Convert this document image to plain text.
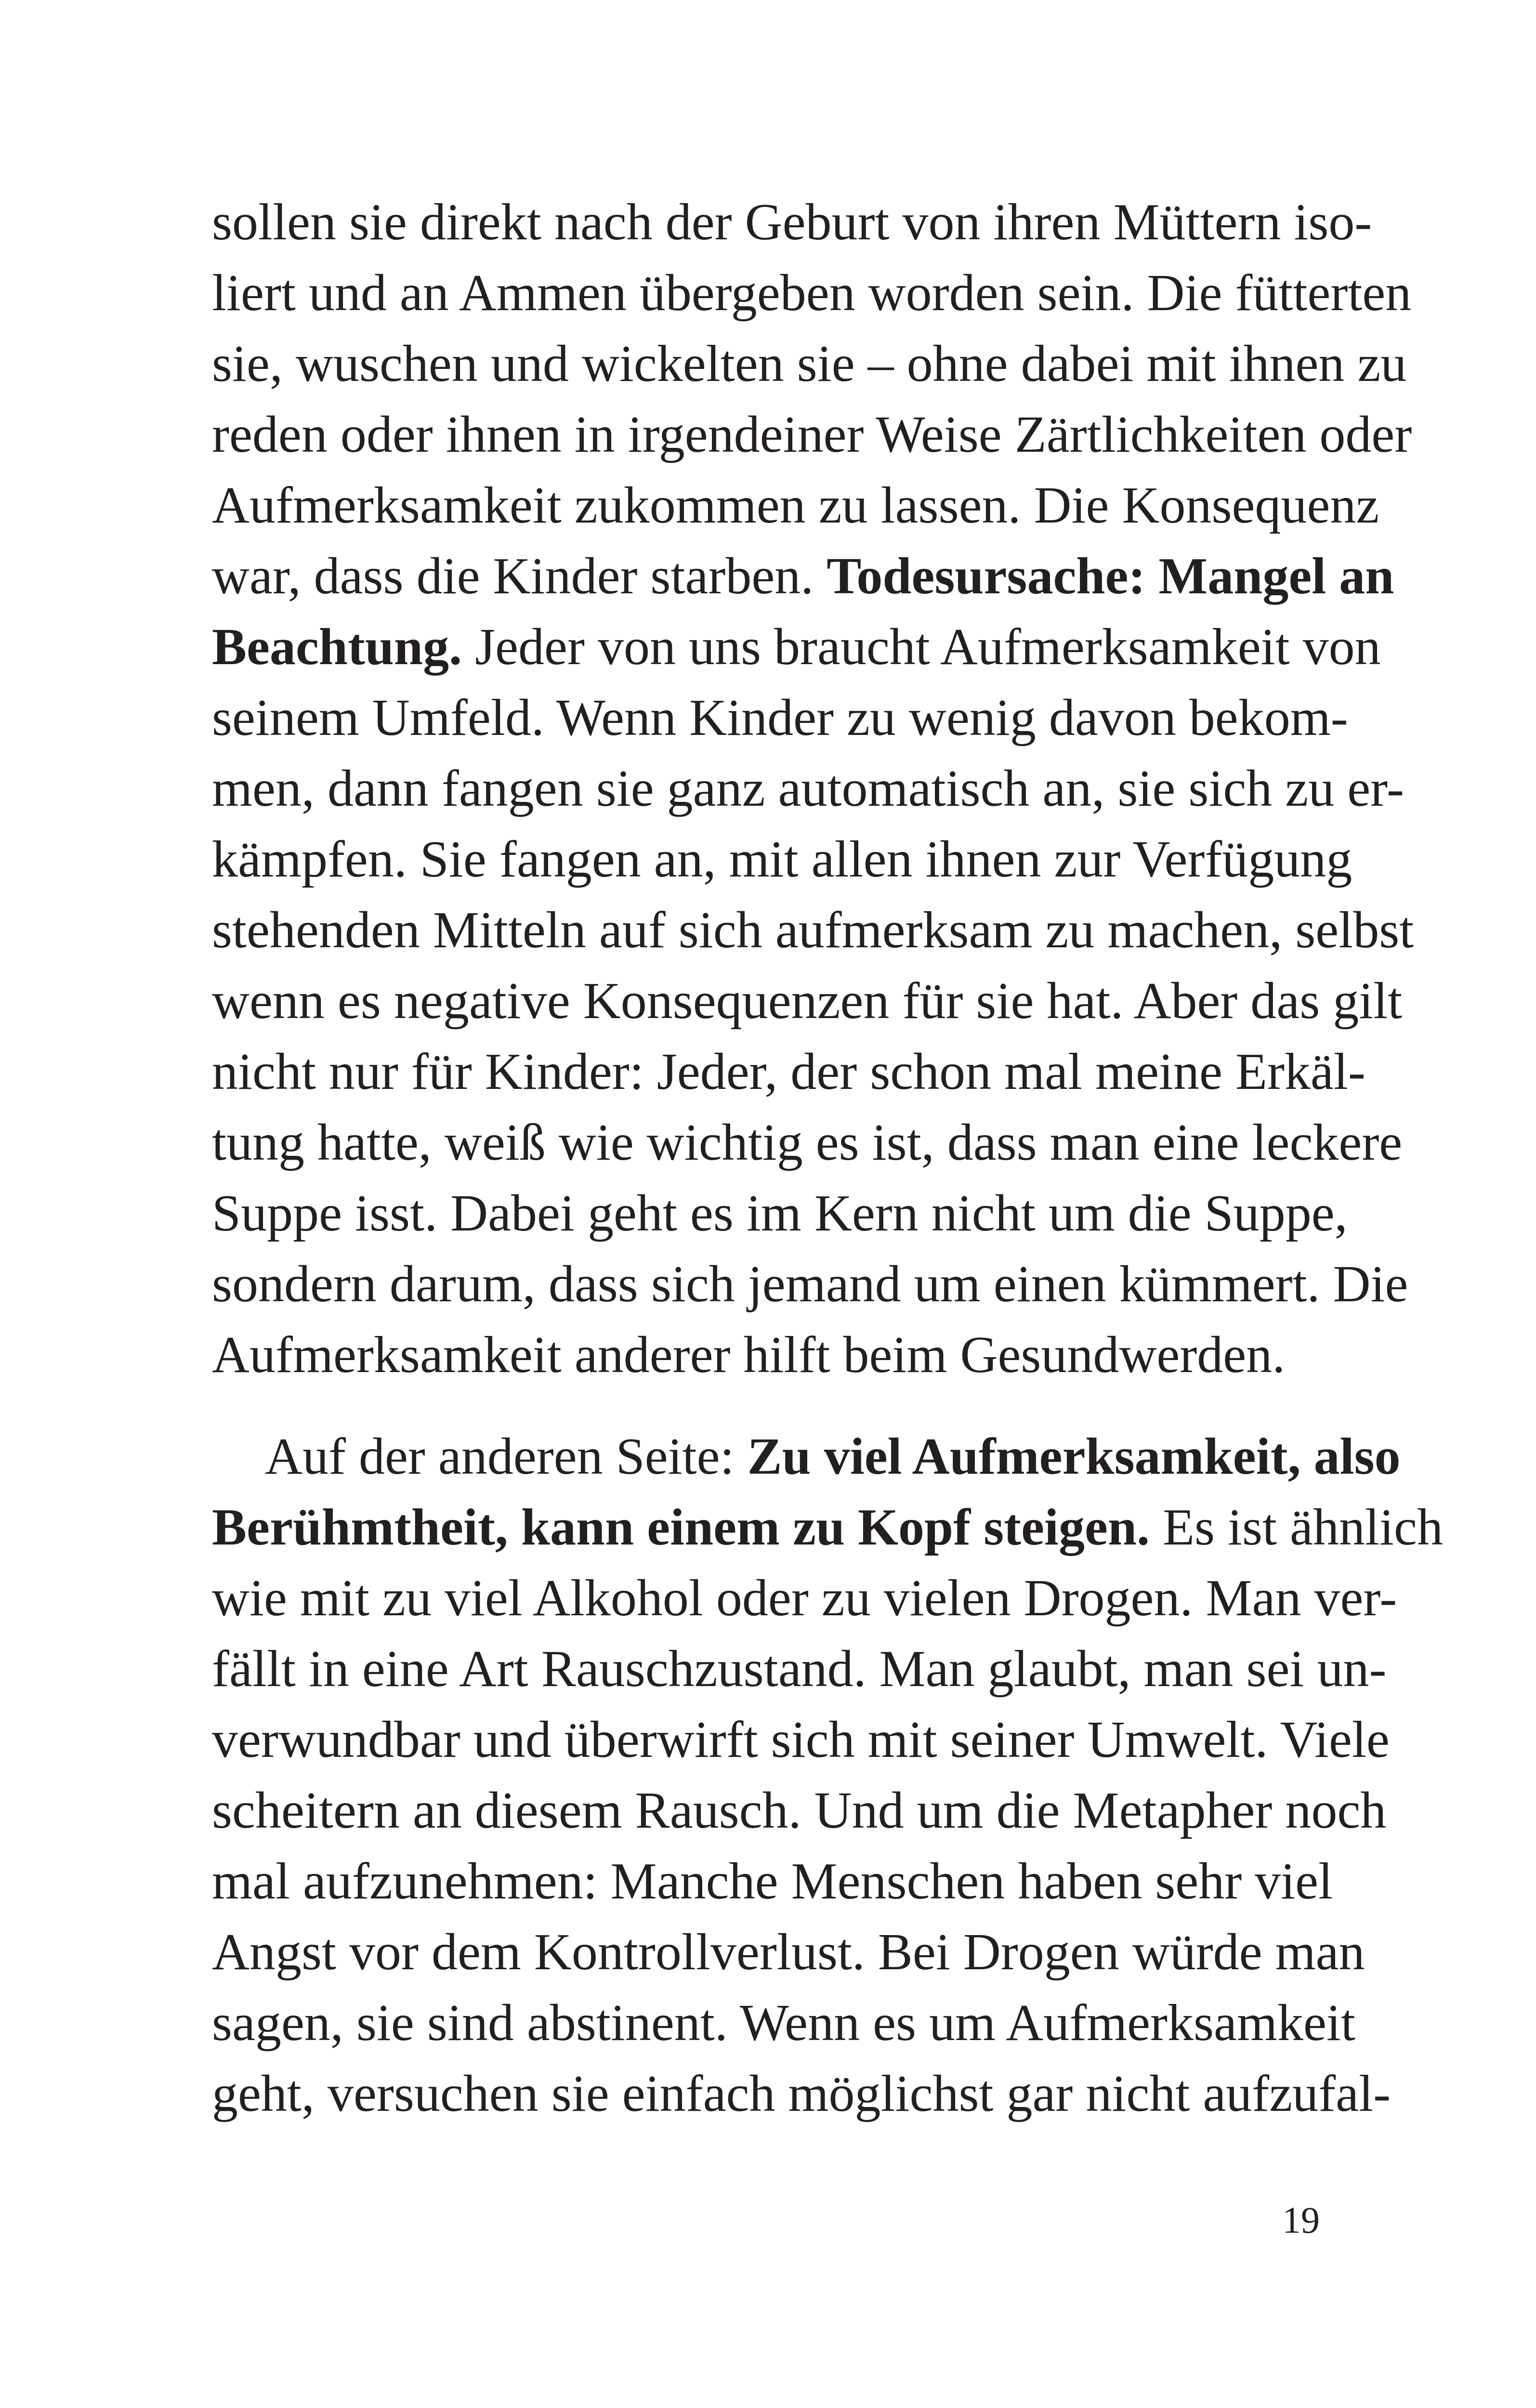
sollen sie direkt nach der Geburt von ihren Müttern iso-
liert und an Ammen übergeben worden sein. Die fütterten
sie, wuschen und wickelten sie – ohne dabei mit ihnen zu
reden oder ihnen in irgendeiner Weise Zärtlichkeiten oder
Aufmerksamkeit zukommen zu lassen. Die Konsequenz
war, dass die Kinder starben. Todesursache: Mangel an
Beachtung. Jeder von uns braucht Aufmerksamkeit von
seinem Umfeld. Wenn Kinder zu wenig davon bekom-
men, dann fangen sie ganz automatisch an, sie sich zu er-
kämpfen. Sie fangen an, mit allen ihnen zur Verfügung
stehenden Mitteln auf sich aufmerksam zu machen, selbst
wenn es negative Konsequenzen für sie hat. Aber das gilt
nicht nur für Kinder: Jeder, der schon mal meine Erkäl-
tung hatte, weiß wie wichtig es ist, dass man eine leckere
Suppe isst. Dabei geht es im Kern nicht um die Suppe,
sondern darum, dass sich jemand um einen kümmert. Die
Aufmerksamkeit anderer hilft beim Gesundwerden.
Auf der anderen Seite: Zu viel Aufmerksamkeit, also
Berühmtheit, kann einem zu Kopf steigen. Es ist ähnlich
wie mit zu viel Alkohol oder zu vielen Drogen. Man ver-
fällt in eine Art Rauschzustand. Man glaubt, man sei un-
verwundbar und überwirft sich mit seiner Umwelt. Viele
scheitern an diesem Rausch. Und um die Metapher noch
mal aufzunehmen: Manche Menschen haben sehr viel
Angst vor dem Kontrollverlust. Bei Drogen würde man
sagen, sie sind abstinent. Wenn es um Aufmerksamkeit
geht, versuchen sie einfach möglichst gar nicht aufzufal-
19
